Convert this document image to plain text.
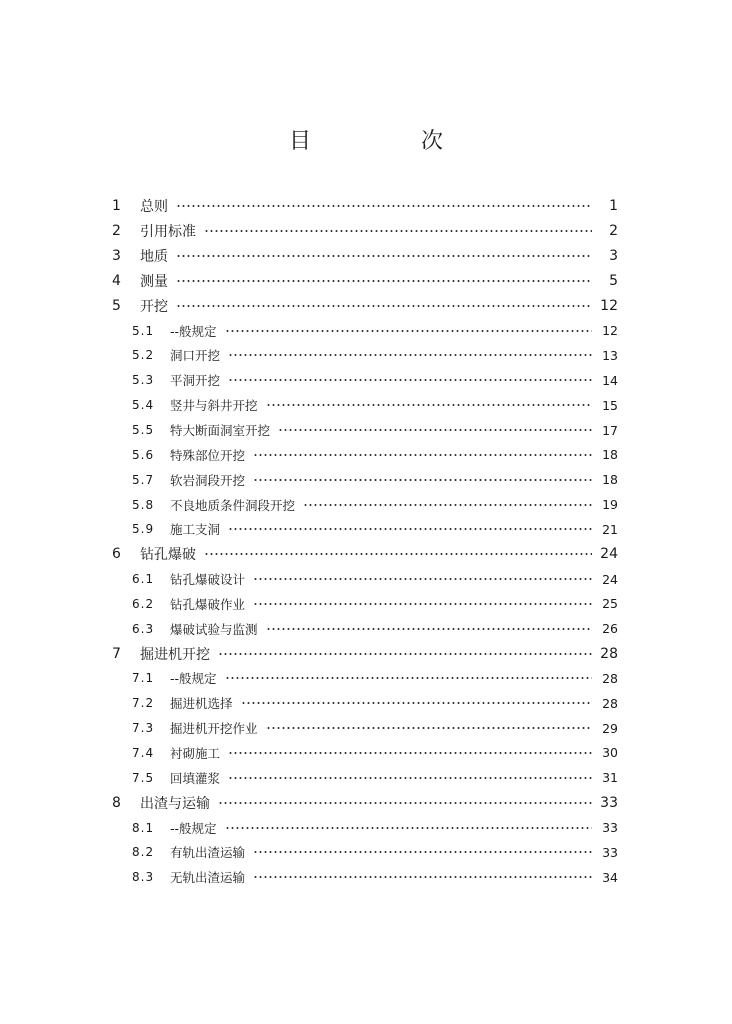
目　次
1	总则	1
2	引用标准	2
3	地质	3
4	测量	5
5	开挖	12
5.1	--般规定	12
5.2	洞口开挖	13
5.3	平洞开挖	14
5.4	竖井与斜井开挖	15
5.5	特大断面洞室开挖	17
5.6	特殊部位开挖	18
5.7	软岩洞段开挖	18
5.8	不良地质条件洞段开挖	19
5.9	施工支洞	21
6	钻孔爆破	24
6.1	钻孔爆破设计	24
6.2	钻孔爆破作业	25
6.3	爆破试验与监测	26
7	掘进机开挖	28
7.1	--般规定	28
7.2	掘进机选择	28
7.3	掘进机开挖作业	29
7.4	衬砌施工	30
7.5	回填灌浆	31
8	出渣与运输	33
8.1	--般规定	33
8.2	有轨出渣运输	33
8.3	无轨出渣运输	34
